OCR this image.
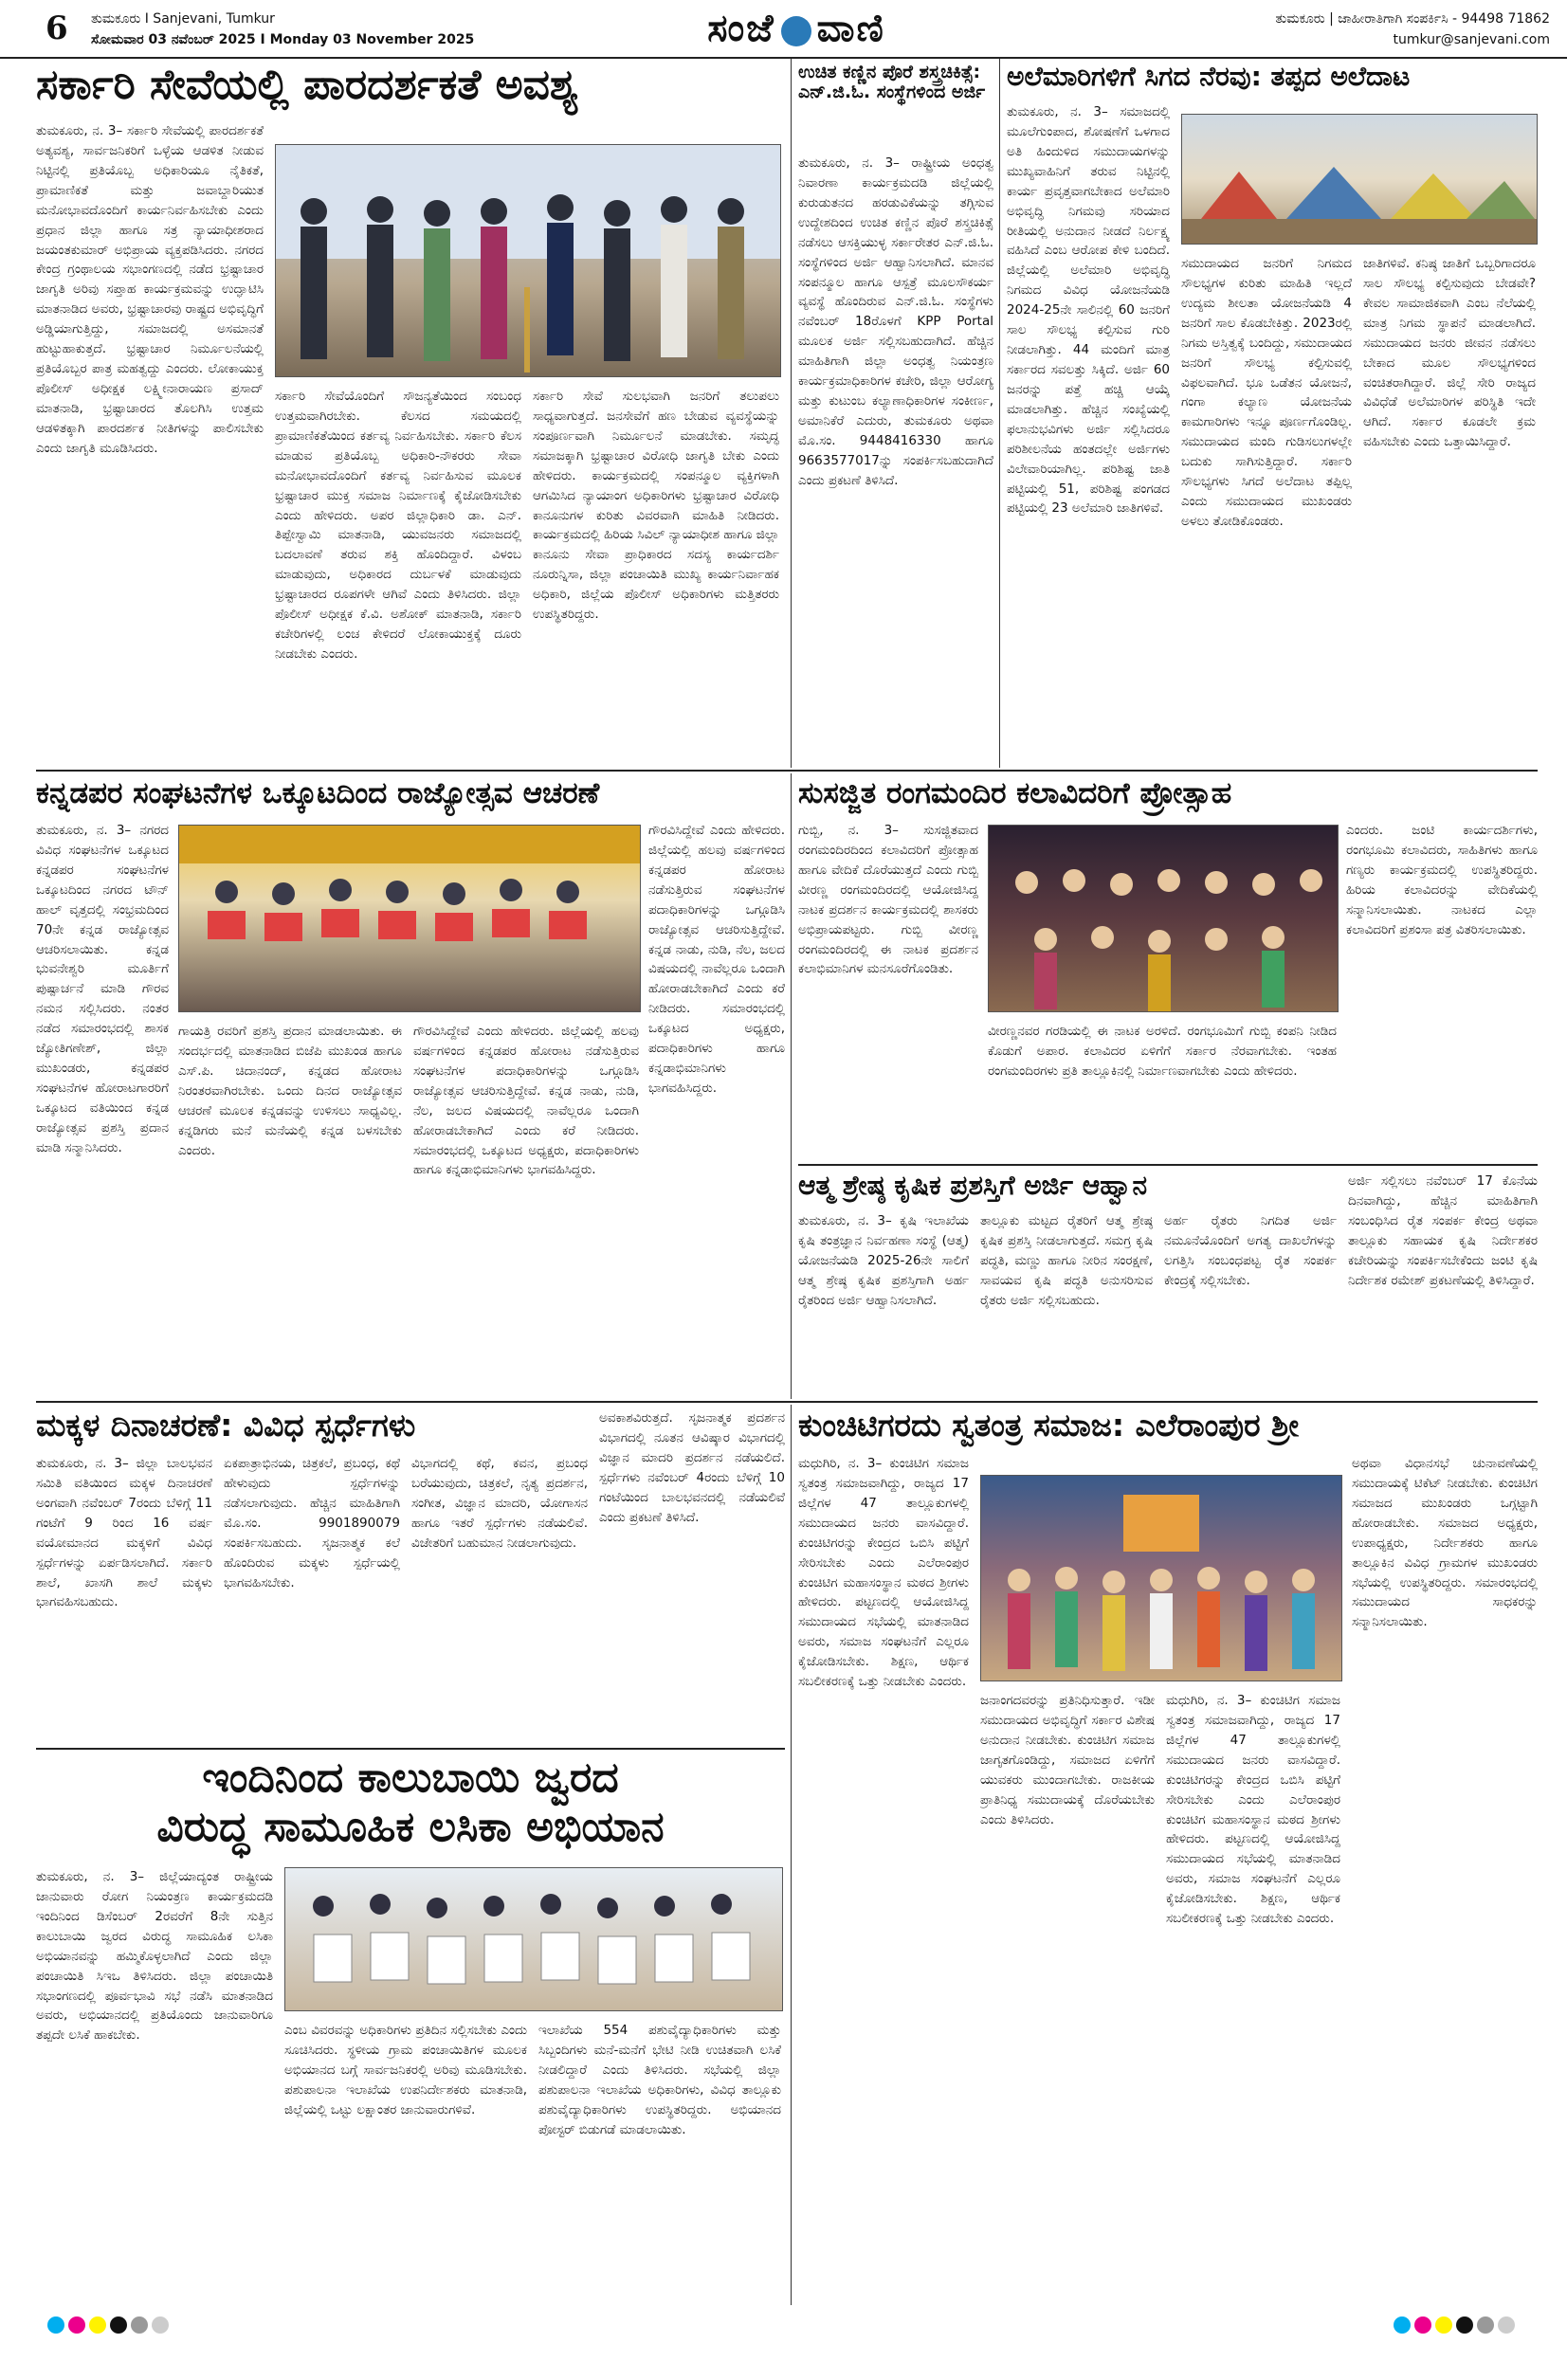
6 ತುಮಕೂರು I Sanjevani, Tumkur
ಸೋಮವಾರ 03 ನವೆಂಬರ್ 2025 I Monday 03 November 2025	ಸಂಜೆ ವಾಣಿ	ತುಮಕೂರು | ಜಾಹೀರಾತಿಗಾಗಿ ಸಂಪರ್ಕಿಸಿ - 94498 71862
tumkur@sanjevani.com
ಸರ್ಕಾರಿ ಸೇವೆಯಲ್ಲಿ ಪಾರದರ್ಶಕತೆ ಅವಶ್ಯ
ತುಮಕೂರು, ನ. 3– ಸರ್ಕಾರಿ ಸೇವೆಯಲ್ಲಿ ಪಾರದರ್ಶಕತೆ ಅತ್ಯವಶ್ಯ, ಸಾರ್ವಜನಿಕರಿಗೆ ಒಳ್ಳೆಯ ಆಡಳಿತ ನೀಡುವ ನಿಟ್ಟಿನಲ್ಲಿ ಪ್ರತಿಯೊಬ್ಬ ಅಧಿಕಾರಿಯೂ ನೈತಿಕತೆ, ಪ್ರಾಮಾಣಿಕತೆ ಮತ್ತು ಜವಾಬ್ದಾರಿಯುತ ಮನೋಭಾವದೊಂದಿಗೆ ಕಾರ್ಯನಿರ್ವಹಿಸಬೇಕು ಎಂದು ಪ್ರಧಾನ ಜಿಲ್ಲಾ ಹಾಗೂ ಸತ್ರ ನ್ಯಾಯಾಧೀಶರಾದ ಜಯಂತಕುಮಾರ್ ಅಭಿಪ್ರಾಯ ವ್ಯಕ್ತಪಡಿಸಿದರು. ನಗರದ ಕೇಂದ್ರ ಗ್ರಂಥಾಲಯ ಸಭಾಂಗಣದಲ್ಲಿ ನಡೆದ ಭ್ರಷ್ಟಾಚಾರ ಜಾಗೃತಿ ಅರಿವು ಸಪ್ತಾಹ ಕಾರ್ಯಕ್ರಮವನ್ನು ಉದ್ಘಾಟಿಸಿ ಮಾತನಾಡಿದ ಅವರು, ಭ್ರಷ್ಟಾಚಾರವು ರಾಷ್ಟ್ರದ ಅಭಿವೃದ್ಧಿಗೆ ಅಡ್ಡಿಯಾಗುತ್ತಿದ್ದು, ಸಮಾಜದಲ್ಲಿ ಅಸಮಾನತೆ ಹುಟ್ಟುಹಾಕುತ್ತದೆ. ಭ್ರಷ್ಟಾಚಾರ ನಿರ್ಮೂಲನೆಯಲ್ಲಿ ಪ್ರತಿಯೊಬ್ಬರ ಪಾತ್ರ ಮಹತ್ವದ್ದು ಎಂದರು. ಲೋಕಾಯುಕ್ತ ಪೊಲೀಸ್ ಅಧೀಕ್ಷಕ ಲಕ್ಷ್ಮೀನಾರಾಯಣ ಪ್ರಸಾದ್ ಮಾತನಾಡಿ, ಭ್ರಷ್ಟಾಚಾರದ ತೊಲಗಿಸಿ ಉತ್ತಮ ಆಡಳಿತಕ್ಕಾಗಿ ಪಾರದರ್ಶಕ ನೀತಿಗಳನ್ನು ಪಾಲಿಸಬೇಕು ಎಂದು ಜಾಗೃತಿ ಮೂಡಿಸಿದರು.
ಸರ್ಕಾರಿ ಸೇವೆಯೊಂದಿಗೆ ಸೌಜನ್ಯತೆಯಿಂದ ಸಂಬಂಧ ಉತ್ತಮವಾಗಿರಬೇಕು. ಕೆಲಸದ ಸಮಯದಲ್ಲಿ ಪ್ರಾಮಾಣಿಕತೆಯಿಂದ ಕರ್ತವ್ಯ ನಿರ್ವಹಿಸಬೇಕು. ಸರ್ಕಾರಿ ಕೆಲಸ ಮಾಡುವ ಪ್ರತಿಯೊಬ್ಬ ಅಧಿಕಾರಿ-ನೌಕರರು ಸೇವಾ ಮನೋಭಾವದೊಂದಿಗೆ ಕರ್ತವ್ಯ ನಿರ್ವಹಿಸುವ ಮೂಲಕ ಭ್ರಷ್ಟಾಚಾರ ಮುಕ್ತ ಸಮಾಜ ನಿರ್ಮಾಣಕ್ಕೆ ಕೈಜೋಡಿಸಬೇಕು ಎಂದು ಹೇಳಿದರು. ಅಪರ ಜಿಲ್ಲಾಧಿಕಾರಿ ಡಾ. ಎನ್. ತಿಪ್ಪೇಸ್ವಾಮಿ ಮಾತನಾಡಿ, ಯುವಜನರು ಸಮಾಜದಲ್ಲಿ ಬದಲಾವಣೆ ತರುವ ಶಕ್ತಿ ಹೊಂದಿದ್ದಾರೆ. ವಿಳಂಬ ಮಾಡುವುದು, ಅಧಿಕಾರದ ದುರ್ಬಳಕೆ ಮಾಡುವುದು ಭ್ರಷ್ಟಾಚಾರದ ರೂಪಗಳೇ ಆಗಿವೆ ಎಂದು ತಿಳಿಸಿದರು. ಜಿಲ್ಲಾ ಪೊಲೀಸ್ ಅಧೀಕ್ಷಕ ಕೆ.ವಿ. ಅಶೋಕ್ ಮಾತನಾಡಿ, ಸರ್ಕಾರಿ ಕಚೇರಿಗಳಲ್ಲಿ ಲಂಚ ಕೇಳಿದರೆ ಲೋಕಾಯುಕ್ತಕ್ಕೆ ದೂರು ನೀಡಬೇಕು ಎಂದರು.
ಸರ್ಕಾರಿ ಸೇವೆ ಸುಲಭವಾಗಿ ಜನರಿಗೆ ತಲುಪಲು ಸಾಧ್ಯವಾಗುತ್ತದೆ. ಜನಸೇವೆಗೆ ಹಣ ಬೇಡುವ ವ್ಯವಸ್ಥೆಯನ್ನು ಸಂಪೂರ್ಣವಾಗಿ ನಿರ್ಮೂಲನೆ ಮಾಡಬೇಕು. ಸಮೃದ್ಧ ಸಮಾಜಕ್ಕಾಗಿ ಭ್ರಷ್ಟಾಚಾರ ವಿರೋಧಿ ಜಾಗೃತಿ ಬೇಕು ಎಂದು ಹೇಳಿದರು. ಕಾರ್ಯಕ್ರಮದಲ್ಲಿ ಸಂಪನ್ಮೂಲ ವ್ಯಕ್ತಿಗಳಾಗಿ ಆಗಮಿಸಿದ ನ್ಯಾಯಾಂಗ ಅಧಿಕಾರಿಗಳು ಭ್ರಷ್ಟಾಚಾರ ವಿರೋಧಿ ಕಾನೂನುಗಳ ಕುರಿತು ವಿವರವಾಗಿ ಮಾಹಿತಿ ನೀಡಿದರು. ಕಾರ್ಯಕ್ರಮದಲ್ಲಿ ಹಿರಿಯ ಸಿವಿಲ್ ನ್ಯಾಯಾಧೀಶ ಹಾಗೂ ಜಿಲ್ಲಾ ಕಾನೂನು ಸೇವಾ ಪ್ರಾಧಿಕಾರದ ಸದಸ್ಯ ಕಾರ್ಯದರ್ಶಿ ನೂರುನ್ನಿಸಾ, ಜಿಲ್ಲಾ ಪಂಚಾಯಿತಿ ಮುಖ್ಯ ಕಾರ್ಯನಿರ್ವಾಹಕ ಅಧಿಕಾರಿ, ಜಿಲ್ಲೆಯ ಪೊಲೀಸ್ ಅಧಿಕಾರಿಗಳು ಮತ್ತಿತರರು ಉಪಸ್ಥಿತರಿದ್ದರು.
ಉಚಿತ ಕಣ್ಣಿನ ಪೊರೆ ಶಸ್ತ್ರಚಿಕಿತ್ಸೆ: ಎನ್.ಜಿ.ಓ. ಸಂಸ್ಥೆಗಳಿಂದ ಅರ್ಜಿ
ತುಮಕೂರು, ನ. 3– ರಾಷ್ಟ್ರೀಯ ಅಂಧತ್ವ ನಿವಾರಣಾ ಕಾರ್ಯಕ್ರಮದಡಿ ಜಿಲ್ಲೆಯಲ್ಲಿ ಕುರುಡುತನದ ಹರಡುವಿಕೆಯನ್ನು ತಗ್ಗಿಸುವ ಉದ್ದೇಶದಿಂದ ಉಚಿತ ಕಣ್ಣಿನ ಪೊರೆ ಶಸ್ತ್ರಚಿಕಿತ್ಸೆ ನಡೆಸಲು ಆಸಕ್ತಿಯುಳ್ಳ ಸರ್ಕಾರೇತರ ಎನ್.ಜಿ.ಓ. ಸಂಸ್ಥೆಗಳಿಂದ ಅರ್ಜಿ ಆಹ್ವಾನಿಸಲಾಗಿದೆ. ಮಾನವ ಸಂಪನ್ಮೂಲ ಹಾಗೂ ಆಸ್ಪತ್ರೆ ಮೂಲಸೌಕರ್ಯ ವ್ಯವಸ್ಥೆ ಹೊಂದಿರುವ ಎನ್.ಜಿ.ಓ. ಸಂಸ್ಥೆಗಳು ನವೆಂಬರ್ 18ರೊಳಗೆ KPP Portal ಮೂಲಕ ಅರ್ಜಿ ಸಲ್ಲಿಸಬಹುದಾಗಿದೆ. ಹೆಚ್ಚಿನ ಮಾಹಿತಿಗಾಗಿ ಜಿಲ್ಲಾ ಅಂಧತ್ವ ನಿಯಂತ್ರಣ ಕಾರ್ಯಕ್ರಮಾಧಿಕಾರಿಗಳ ಕಚೇರಿ, ಜಿಲ್ಲಾ ಆರೋಗ್ಯ ಮತ್ತು ಕುಟುಂಬ ಕಲ್ಯಾಣಾಧಿಕಾರಿಗಳ ಸಂಕೀರ್ಣ, ಅಮಾನಿಕೆರೆ ಎದುರು, ತುಮಕೂರು ಅಥವಾ ಮೊ.ಸಂ. 9448416330 ಹಾಗೂ 9663577017ನ್ನು ಸಂಪರ್ಕಿಸಬಹುದಾಗಿದೆ ಎಂದು ಪ್ರಕಟಣೆ ತಿಳಿಸಿದೆ.
ಅಲೆಮಾರಿಗಳಿಗೆ ಸಿಗದ ನೆರವು: ತಪ್ಪದ ಅಲೆದಾಟ
ತುಮಕೂರು, ನ. 3– ಸಮಾಜದಲ್ಲಿ ಮೂಲೆಗುಂಪಾದ, ಶೋಷಣೆಗೆ ಒಳಗಾದ ಅತಿ ಹಿಂದುಳಿದ ಸಮುದಾಯಗಳನ್ನು ಮುಖ್ಯವಾಹಿನಿಗೆ ತರುವ ನಿಟ್ಟಿನಲ್ಲಿ ಕಾರ್ಯ ಪ್ರವೃತ್ತವಾಗಬೇಕಾದ ಅಲೆಮಾರಿ ಅಭಿವೃದ್ಧಿ ನಿಗಮವು ಸರಿಯಾದ ರೀತಿಯಲ್ಲಿ ಅನುದಾನ ನೀಡದೆ ನಿರ್ಲಕ್ಷ್ಯ ವಹಿಸಿದೆ ಎಂಬ ಆರೋಪ ಕೇಳಿ ಬಂದಿದೆ. ಜಿಲ್ಲೆಯಲ್ಲಿ ಅಲೆಮಾರಿ ಅಭಿವೃದ್ಧಿ ನಿಗಮದ ವಿವಿಧ ಯೋಜನೆಯಡಿ 2024-25ನೇ ಸಾಲಿನಲ್ಲಿ 60 ಜನರಿಗೆ ಸಾಲ ಸೌಲಭ್ಯ ಕಲ್ಪಿಸುವ ಗುರಿ ನೀಡಲಾಗಿತ್ತು. 44 ಮಂದಿಗೆ ಮಾತ್ರ ಸರ್ಕಾರದ ಸವಲತ್ತು ಸಿಕ್ಕಿದೆ. ಅರ್ಜಿ 60 ಜನರನ್ನು ಪತ್ತೆ ಹಚ್ಚಿ ಆಯ್ಕೆ ಮಾಡಲಾಗಿತ್ತು. ಹೆಚ್ಚಿನ ಸಂಖ್ಯೆಯಲ್ಲಿ ಫಲಾನುಭವಿಗಳು ಅರ್ಜಿ ಸಲ್ಲಿಸಿದರೂ ಪರಿಶೀಲನೆಯ ಹಂತದಲ್ಲೇ ಅರ್ಜಿಗಳು ವಿಲೇವಾರಿಯಾಗಿಲ್ಲ. ಪರಿಶಿಷ್ಟ ಜಾತಿ ಪಟ್ಟಿಯಲ್ಲಿ 51, ಪರಿಶಿಷ್ಟ ಪಂಗಡದ ಪಟ್ಟಿಯಲ್ಲಿ 23 ಅಲೆಮಾರಿ ಜಾತಿಗಳಿವೆ.
ಸಮುದಾಯದ ಜನರಿಗೆ ನಿಗಮದ ಸೌಲಭ್ಯಗಳ ಕುರಿತು ಮಾಹಿತಿ ಇಲ್ಲದೆ ಉದ್ಯಮ ಶೀಲತಾ ಯೋಜನೆಯಡಿ 4 ಜನರಿಗೆ ಸಾಲ ಕೊಡಬೇಕಿತ್ತು. 2023ರಲ್ಲಿ ನಿಗಮ ಅಸ್ತಿತ್ವಕ್ಕೆ ಬಂದಿದ್ದು, ಸಮುದಾಯದ ಜನರಿಗೆ ಸೌಲಭ್ಯ ಕಲ್ಪಿಸುವಲ್ಲಿ ವಿಫಲವಾಗಿದೆ. ಭೂ ಒಡೆತನ ಯೋಜನೆ, ಗಂಗಾ ಕಲ್ಯಾಣ ಯೋಜನೆಯ ಕಾಮಗಾರಿಗಳು ಇನ್ನೂ ಪೂರ್ಣಗೊಂಡಿಲ್ಲ. ಸಮುದಾಯದ ಮಂದಿ ಗುಡಿಸಲುಗಳಲ್ಲೇ ಬದುಕು ಸಾಗಿಸುತ್ತಿದ್ದಾರೆ. ಸರ್ಕಾರಿ ಸೌಲಭ್ಯಗಳು ಸಿಗದೆ ಅಲೆದಾಟ ತಪ್ಪಿಲ್ಲ ಎಂದು ಸಮುದಾಯದ ಮುಖಂಡರು ಅಳಲು ತೋಡಿಕೊಂಡರು.
ಜಾತಿಗಳಿವೆ. ಕನಿಷ್ಠ ಜಾತಿಗೆ ಒಬ್ಬರಿಗಾದರೂ ಸಾಲ ಸೌಲಭ್ಯ ಕಲ್ಪಿಸುವುದು ಬೇಡವೇ? ಕೇವಲ ಸಾಮಾಜಿಕವಾಗಿ ಎಂಬ ನೆಲೆಯಲ್ಲಿ ಮಾತ್ರ ನಿಗಮ ಸ್ಥಾಪನೆ ಮಾಡಲಾಗಿದೆ. ಸಮುದಾಯದ ಜನರು ಜೀವನ ನಡೆಸಲು ಬೇಕಾದ ಮೂಲ ಸೌಲಭ್ಯಗಳಿಂದ ವಂಚಿತರಾಗಿದ್ದಾರೆ. ಜಿಲ್ಲೆ ಸೇರಿ ರಾಜ್ಯದ ವಿವಿಧೆಡೆ ಅಲೆಮಾರಿಗಳ ಪರಿಸ್ಥಿತಿ ಇದೇ ಆಗಿದೆ. ಸರ್ಕಾರ ಕೂಡಲೇ ಕ್ರಮ ವಹಿಸಬೇಕು ಎಂದು ಒತ್ತಾಯಿಸಿದ್ದಾರೆ.
ಕನ್ನಡಪರ ಸಂಘಟನೆಗಳ ಒಕ್ಕೂಟದಿಂದ ರಾಜ್ಯೋತ್ಸವ ಆಚರಣೆ
ತುಮಕೂರು, ನ. 3– ನಗರದ ವಿವಿಧ ಸಂಘಟನೆಗಳ ಒಕ್ಕೂಟದ ಕನ್ನಡಪರ ಸಂಘಟನೆಗಳ ಒಕ್ಕೂಟದಿಂದ ನಗರದ ಟೌನ್ ಹಾಲ್ ವೃತ್ತದಲ್ಲಿ ಸಂಭ್ರಮದಿಂದ 70ನೇ ಕನ್ನಡ ರಾಜ್ಯೋತ್ಸವ ಆಚರಿಸಲಾಯಿತು. ಕನ್ನಡ ಭುವನೇಶ್ವರಿ ಮೂರ್ತಿಗೆ ಪುಷ್ಪಾರ್ಚನೆ ಮಾಡಿ ಗೌರವ ನಮನ ಸಲ್ಲಿಸಿದರು. ನಂತರ ನಡೆದ ಸಮಾರಂಭದಲ್ಲಿ ಶಾಸಕ ಜ್ಯೋತಿಗಣೇಶ್, ಜಿಲ್ಲಾ ಮುಖಂಡರು, ಕನ್ನಡಪರ ಸಂಘಟನೆಗಳ ಹೋರಾಟಗಾರರಿಗೆ ಒಕ್ಕೂಟದ ವತಿಯಿಂದ ಕನ್ನಡ ರಾಜ್ಯೋತ್ಸವ ಪ್ರಶಸ್ತಿ ಪ್ರದಾನ ಮಾಡಿ ಸನ್ಮಾನಿಸಿದರು.
ಗಾಯತ್ರಿ ರವರಿಗೆ ಪ್ರಶಸ್ತಿ ಪ್ರದಾನ ಮಾಡಲಾಯಿತು. ಈ ಸಂದರ್ಭದಲ್ಲಿ ಮಾತನಾಡಿದ ಬಿಜೆಪಿ ಮುಖಂಡ ಹಾಗೂ ಎಸ್.ಪಿ. ಚಿದಾನಂದ್, ಕನ್ನಡದ ಹೋರಾಟ ನಿರಂತರವಾಗಿರಬೇಕು. ಒಂದು ದಿನದ ರಾಜ್ಯೋತ್ಸವ ಆಚರಣೆ ಮೂಲಕ ಕನ್ನಡವನ್ನು ಉಳಿಸಲು ಸಾಧ್ಯವಿಲ್ಲ. ಕನ್ನಡಿಗರು ಮನೆ ಮನೆಯಲ್ಲಿ ಕನ್ನಡ ಬಳಸಬೇಕು ಎಂದರು.
ಗೌರವಿಸಿದ್ದೇವೆ ಎಂದು ಹೇಳಿದರು. ಜಿಲ್ಲೆಯಲ್ಲಿ ಹಲವು ವರ್ಷಗಳಿಂದ ಕನ್ನಡಪರ ಹೋರಾಟ ನಡೆಸುತ್ತಿರುವ ಸಂಘಟನೆಗಳ ಪದಾಧಿಕಾರಿಗಳನ್ನು ಒಗ್ಗೂಡಿಸಿ ರಾಜ್ಯೋತ್ಸವ ಆಚರಿಸುತ್ತಿದ್ದೇವೆ. ಕನ್ನಡ ನಾಡು, ನುಡಿ, ನೆಲ, ಜಲದ ವಿಷಯದಲ್ಲಿ ನಾವೆಲ್ಲರೂ ಒಂದಾಗಿ ಹೋರಾಡಬೇಕಾಗಿದೆ ಎಂದು ಕರೆ ನೀಡಿದರು. ಸಮಾರಂಭದಲ್ಲಿ ಒಕ್ಕೂಟದ ಅಧ್ಯಕ್ಷರು, ಪದಾಧಿಕಾರಿಗಳು ಹಾಗೂ ಕನ್ನಡಾಭಿಮಾನಿಗಳು ಭಾಗವಹಿಸಿದ್ದರು.
ಗೌರವಿಸಿದ್ದೇವೆ ಎಂದು ಹೇಳಿದರು. ಜಿಲ್ಲೆಯಲ್ಲಿ ಹಲವು ವರ್ಷಗಳಿಂದ ಕನ್ನಡಪರ ಹೋರಾಟ ನಡೆಸುತ್ತಿರುವ ಸಂಘಟನೆಗಳ ಪದಾಧಿಕಾರಿಗಳನ್ನು ಒಗ್ಗೂಡಿಸಿ ರಾಜ್ಯೋತ್ಸವ ಆಚರಿಸುತ್ತಿದ್ದೇವೆ. ಕನ್ನಡ ನಾಡು, ನುಡಿ, ನೆಲ, ಜಲದ ವಿಷಯದಲ್ಲಿ ನಾವೆಲ್ಲರೂ ಒಂದಾಗಿ ಹೋರಾಡಬೇಕಾಗಿದೆ ಎಂದು ಕರೆ ನೀಡಿದರು. ಸಮಾರಂಭದಲ್ಲಿ ಒಕ್ಕೂಟದ ಅಧ್ಯಕ್ಷರು, ಪದಾಧಿಕಾರಿಗಳು ಹಾಗೂ ಕನ್ನಡಾಭಿಮಾನಿಗಳು ಭಾಗವಹಿಸಿದ್ದರು.
ಸುಸಜ್ಜಿತ ರಂಗಮಂದಿರ ಕಲಾವಿದರಿಗೆ ಪ್ರೋತ್ಸಾಹ
ಗುಬ್ಬಿ, ನ. 3– ಸುಸಜ್ಜಿತವಾದ ರಂಗಮಂದಿರದಿಂದ ಕಲಾವಿದರಿಗೆ ಪ್ರೋತ್ಸಾಹ ಹಾಗೂ ವೇದಿಕೆ ದೊರೆಯುತ್ತದೆ ಎಂದು ಗುಬ್ಬಿ ವೀರಣ್ಣ ರಂಗಮಂದಿರದಲ್ಲಿ ಆಯೋಜಿಸಿದ್ದ ನಾಟಕ ಪ್ರದರ್ಶನ ಕಾರ್ಯಕ್ರಮದಲ್ಲಿ ಶಾಸಕರು ಅಭಿಪ್ರಾಯಪಟ್ಟರು. ಗುಬ್ಬಿ ವೀರಣ್ಣ ರಂಗಮಂದಿರದಲ್ಲಿ ಈ ನಾಟಕ ಪ್ರದರ್ಶನ ಕಲಾಭಿಮಾನಿಗಳ ಮನಸೂರೆಗೊಂಡಿತು.
ವೀರಣ್ಣನವರ ಗರಡಿಯಲ್ಲಿ ಈ ನಾಟಕ ಅರಳಿದೆ. ರಂಗಭೂಮಿಗೆ ಗುಬ್ಬಿ ಕಂಪನಿ ನೀಡಿದ ಕೊಡುಗೆ ಅಪಾರ. ಕಲಾವಿದರ ಏಳಿಗೆಗೆ ಸರ್ಕಾರ ನೆರವಾಗಬೇಕು. ಇಂತಹ ರಂಗಮಂದಿರಗಳು ಪ್ರತಿ ತಾಲ್ಲೂಕಿನಲ್ಲಿ ನಿರ್ಮಾಣವಾಗಬೇಕು ಎಂದು ಹೇಳಿದರು.
ಎಂದರು. ಜಂಟಿ ಕಾರ್ಯದರ್ಶಿಗಳು, ರಂಗಭೂಮಿ ಕಲಾವಿದರು, ಸಾಹಿತಿಗಳು ಹಾಗೂ ಗಣ್ಯರು ಕಾರ್ಯಕ್ರಮದಲ್ಲಿ ಉಪಸ್ಥಿತರಿದ್ದರು. ಹಿರಿಯ ಕಲಾವಿದರನ್ನು ವೇದಿಕೆಯಲ್ಲಿ ಸನ್ಮಾನಿಸಲಾಯಿತು. ನಾಟಕದ ಎಲ್ಲಾ ಕಲಾವಿದರಿಗೆ ಪ್ರಶಂಸಾ ಪತ್ರ ವಿತರಿಸಲಾಯಿತು.
ಆತ್ಮ ಶ್ರೇಷ್ಠ ಕೃಷಿಕ ಪ್ರಶಸ್ತಿಗೆ ಅರ್ಜಿ ಆಹ್ವಾನ
ತುಮಕೂರು, ನ. 3– ಕೃಷಿ ಇಲಾಖೆಯ ಕೃಷಿ ತಂತ್ರಜ್ಞಾನ ನಿರ್ವಹಣಾ ಸಂಸ್ಥೆ (ಆತ್ಮ) ಯೋಜನೆಯಡಿ 2025-26ನೇ ಸಾಲಿಗೆ ಆತ್ಮ ಶ್ರೇಷ್ಠ ಕೃಷಿಕ ಪ್ರಶಸ್ತಿಗಾಗಿ ಅರ್ಹ ರೈತರಿಂದ ಅರ್ಜಿ ಆಹ್ವಾನಿಸಲಾಗಿದೆ.
ತಾಲ್ಲೂಕು ಮಟ್ಟದ ರೈತರಿಗೆ ಆತ್ಮ ಶ್ರೇಷ್ಠ ಕೃಷಿಕ ಪ್ರಶಸ್ತಿ ನೀಡಲಾಗುತ್ತದೆ. ಸಮಗ್ರ ಕೃಷಿ ಪದ್ಧತಿ, ಮಣ್ಣು ಹಾಗೂ ನೀರಿನ ಸಂರಕ್ಷಣೆ, ಸಾವಯವ ಕೃಷಿ ಪದ್ಧತಿ ಅನುಸರಿಸುವ ರೈತರು ಅರ್ಜಿ ಸಲ್ಲಿಸಬಹುದು.
ಅರ್ಹ ರೈತರು ನಿಗದಿತ ಅರ್ಜಿ ನಮೂನೆಯೊಂದಿಗೆ ಅಗತ್ಯ ದಾಖಲೆಗಳನ್ನು ಲಗತ್ತಿಸಿ ಸಂಬಂಧಪಟ್ಟ ರೈತ ಸಂಪರ್ಕ ಕೇಂದ್ರಕ್ಕೆ ಸಲ್ಲಿಸಬೇಕು.
ಅರ್ಜಿ ಸಲ್ಲಿಸಲು ನವೆಂಬರ್ 17 ಕೊನೆಯ ದಿನವಾಗಿದ್ದು, ಹೆಚ್ಚಿನ ಮಾಹಿತಿಗಾಗಿ ಸಂಬಂಧಿಸಿದ ರೈತ ಸಂಪರ್ಕ ಕೇಂದ್ರ ಅಥವಾ ತಾಲ್ಲೂಕು ಸಹಾಯಕ ಕೃಷಿ ನಿರ್ದೇಶಕರ ಕಚೇರಿಯನ್ನು ಸಂಪರ್ಕಿಸಬೇಕೆಂದು ಜಂಟಿ ಕೃಷಿ ನಿರ್ದೇಶಕ ರಮೇಶ್ ಪ್ರಕಟಣೆಯಲ್ಲಿ ತಿಳಿಸಿದ್ದಾರೆ.
ಮಕ್ಕಳ ದಿನಾಚರಣೆ: ವಿವಿಧ ಸ್ಪರ್ಧೆಗಳು
ತುಮಕೂರು, ನ. 3– ಜಿಲ್ಲಾ ಬಾಲಭವನ ಸಮಿತಿ ವತಿಯಿಂದ ಮಕ್ಕಳ ದಿನಾಚರಣೆ ಅಂಗವಾಗಿ ನವೆಂಬರ್ 7ರಂದು ಬೆಳಿಗ್ಗೆ 11 ಗಂಟೆಗೆ 9 ರಿಂದ 16 ವರ್ಷ ವಯೋಮಾನದ ಮಕ್ಕಳಿಗೆ ವಿವಿಧ ಸ್ಪರ್ಧೆಗಳನ್ನು ಏರ್ಪಡಿಸಲಾಗಿದೆ. ಸರ್ಕಾರಿ ಶಾಲೆ, ಖಾಸಗಿ ಶಾಲೆ ಮಕ್ಕಳು ಭಾಗವಹಿಸಬಹುದು.
ಏಕಪಾತ್ರಾಭಿನಯ, ಚಿತ್ರಕಲೆ, ಪ್ರಬಂಧ, ಕಥೆ ಹೇಳುವುದು ಸ್ಪರ್ಧೆಗಳನ್ನು ನಡೆಸಲಾಗುವುದು. ಹೆಚ್ಚಿನ ಮಾಹಿತಿಗಾಗಿ ಮೊ.ಸಂ. 9901890079 ಸಂಪರ್ಕಿಸಬಹುದು. ಸೃಜನಾತ್ಮಕ ಕಲೆ ಹೊಂದಿರುವ ಮಕ್ಕಳು ಸ್ಪರ್ಧೆಯಲ್ಲಿ ಭಾಗವಹಿಸಬೇಕು.
ವಿಭಾಗದಲ್ಲಿ ಕಥೆ, ಕವನ, ಪ್ರಬಂಧ ಬರೆಯುವುದು, ಚಿತ್ರಕಲೆ, ನೃತ್ಯ ಪ್ರದರ್ಶನ, ಸಂಗೀತ, ವಿಜ್ಞಾನ ಮಾದರಿ, ಯೋಗಾಸನ ಹಾಗೂ ಇತರೆ ಸ್ಪರ್ಧೆಗಳು ನಡೆಯಲಿವೆ. ವಿಜೇತರಿಗೆ ಬಹುಮಾನ ನೀಡಲಾಗುವುದು.
ಅವಕಾಶವಿರುತ್ತದೆ. ಸೃಜನಾತ್ಮಕ ಪ್ರದರ್ಶನ ವಿಭಾಗದಲ್ಲಿ ನೂತನ ಆವಿಷ್ಕಾರ ವಿಭಾಗದಲ್ಲಿ ವಿಜ್ಞಾನ ಮಾದರಿ ಪ್ರದರ್ಶನ ನಡೆಯಲಿದೆ. ಸ್ಪರ್ಧೆಗಳು ನವೆಂಬರ್ 4ರಂದು ಬೆಳಿಗ್ಗೆ 10 ಗಂಟೆಯಿಂದ ಬಾಲಭವನದಲ್ಲಿ ನಡೆಯಲಿವೆ ಎಂದು ಪ್ರಕಟಣೆ ತಿಳಿಸಿದೆ.
ಇಂದಿನಿಂದ ಕಾಲುಬಾಯಿ ಜ್ವರದ
ವಿರುದ್ಧ ಸಾಮೂಹಿಕ ಲಸಿಕಾ ಅಭಿಯಾನ
ತುಮಕೂರು, ನ. 3– ಜಿಲ್ಲೆಯಾದ್ಯಂತ ರಾಷ್ಟ್ರೀಯ ಜಾನುವಾರು ರೋಗ ನಿಯಂತ್ರಣ ಕಾರ್ಯಕ್ರಮದಡಿ ಇಂದಿನಿಂದ ಡಿಸೆಂಬರ್ 2ರವರೆಗೆ 8ನೇ ಸುತ್ತಿನ ಕಾಲುಬಾಯಿ ಜ್ವರದ ವಿರುದ್ಧ ಸಾಮೂಹಿಕ ಲಸಿಕಾ ಅಭಿಯಾನವನ್ನು ಹಮ್ಮಿಕೊಳ್ಳಲಾಗಿದೆ ಎಂದು ಜಿಲ್ಲಾ ಪಂಚಾಯಿತಿ ಸಿಇಒ ತಿಳಿಸಿದರು. ಜಿಲ್ಲಾ ಪಂಚಾಯಿತಿ ಸಭಾಂಗಣದಲ್ಲಿ ಪೂರ್ವಭಾವಿ ಸಭೆ ನಡೆಸಿ ಮಾತನಾಡಿದ ಅವರು, ಅಭಿಯಾನದಲ್ಲಿ ಪ್ರತಿಯೊಂದು ಜಾನುವಾರಿಗೂ ತಪ್ಪದೇ ಲಸಿಕೆ ಹಾಕಬೇಕು.	ಎಂಬ ವಿವರವನ್ನು ಅಧಿಕಾರಿಗಳು ಪ್ರತಿದಿನ ಸಲ್ಲಿಸಬೇಕು ಎಂದು ಸೂಚಿಸಿದರು. ಸ್ಥಳೀಯ ಗ್ರಾಮ ಪಂಚಾಯಿತಿಗಳ ಮೂಲಕ ಅಭಿಯಾನದ ಬಗ್ಗೆ ಸಾರ್ವಜನಿಕರಲ್ಲಿ ಅರಿವು ಮೂಡಿಸಬೇಕು. ಪಶುಪಾಲನಾ ಇಲಾಖೆಯ ಉಪನಿರ್ದೇಶಕರು ಮಾತನಾಡಿ, ಜಿಲ್ಲೆಯಲ್ಲಿ ಒಟ್ಟು ಲಕ್ಷಾಂತರ ಜಾನುವಾರುಗಳಿವೆ.
ಇಲಾಖೆಯ 554 ಪಶುವೈದ್ಯಾಧಿಕಾರಿಗಳು ಮತ್ತು ಸಿಬ್ಬಂದಿಗಳು ಮನೆ-ಮನೆಗೆ ಭೇಟಿ ನೀಡಿ ಉಚಿತವಾಗಿ ಲಸಿಕೆ ನೀಡಲಿದ್ದಾರೆ ಎಂದು ತಿಳಿಸಿದರು. ಸಭೆಯಲ್ಲಿ ಜಿಲ್ಲಾ ಪಶುಪಾಲನಾ ಇಲಾಖೆಯ ಅಧಿಕಾರಿಗಳು, ವಿವಿಧ ತಾಲ್ಲೂಕು ಪಶುವೈದ್ಯಾಧಿಕಾರಿಗಳು ಉಪಸ್ಥಿತರಿದ್ದರು. ಅಭಿಯಾನದ ಪೋಸ್ಟರ್ ಬಿಡುಗಡೆ ಮಾಡಲಾಯಿತು.
ಕುಂಚಿಟಿಗರದು ಸ್ವತಂತ್ರ ಸಮಾಜ: ಎಲೆರಾಂಪುರ ಶ್ರೀ
ಮಧುಗಿರಿ, ನ. 3– ಕುಂಚಿಟಿಗ ಸಮಾಜ ಸ್ವತಂತ್ರ ಸಮಾಜವಾಗಿದ್ದು, ರಾಜ್ಯದ 17 ಜಿಲ್ಲೆಗಳ 47 ತಾಲ್ಲೂಕುಗಳಲ್ಲಿ ಸಮುದಾಯದ ಜನರು ವಾಸವಿದ್ದಾರೆ. ಕುಂಚಿಟಿಗರನ್ನು ಕೇಂದ್ರದ ಒಬಿಸಿ ಪಟ್ಟಿಗೆ ಸೇರಿಸಬೇಕು ಎಂದು ಎಲೆರಾಂಪುರ ಕುಂಚಿಟಿಗ ಮಹಾಸಂಸ್ಥಾನ ಮಠದ ಶ್ರೀಗಳು ಹೇಳಿದರು. ಪಟ್ಟಣದಲ್ಲಿ ಆಯೋಜಿಸಿದ್ದ ಸಮುದಾಯದ ಸಭೆಯಲ್ಲಿ ಮಾತನಾಡಿದ ಅವರು, ಸಮಾಜ ಸಂಘಟನೆಗೆ ಎಲ್ಲರೂ ಕೈಜೋಡಿಸಬೇಕು. ಶಿಕ್ಷಣ, ಆರ್ಥಿಕ ಸಬಲೀಕರಣಕ್ಕೆ ಒತ್ತು ನೀಡಬೇಕು ಎಂದರು.
ಜನಾಂಗದವರನ್ನು ಪ್ರತಿನಿಧಿಸುತ್ತಾರೆ. ಇಡೀ ಸಮುದಾಯದ ಅಭಿವೃದ್ಧಿಗೆ ಸರ್ಕಾರ ವಿಶೇಷ ಅನುದಾನ ನೀಡಬೇಕು. ಕುಂಚಿಟಿಗ ಸಮಾಜ ಜಾಗೃತಗೊಂಡಿದ್ದು, ಸಮಾಜದ ಏಳಿಗೆಗೆ ಯುವಕರು ಮುಂದಾಗಬೇಕು. ರಾಜಕೀಯ ಪ್ರಾತಿನಿಧ್ಯ ಸಮುದಾಯಕ್ಕೆ ದೊರೆಯಬೇಕು ಎಂದು ತಿಳಿಸಿದರು.
ಮಧುಗಿರಿ, ನ. 3– ಕುಂಚಿಟಿಗ ಸಮಾಜ ಸ್ವತಂತ್ರ ಸಮಾಜವಾಗಿದ್ದು, ರಾಜ್ಯದ 17 ಜಿಲ್ಲೆಗಳ 47 ತಾಲ್ಲೂಕುಗಳಲ್ಲಿ ಸಮುದಾಯದ ಜನರು ವಾಸವಿದ್ದಾರೆ. ಕುಂಚಿಟಿಗರನ್ನು ಕೇಂದ್ರದ ಒಬಿಸಿ ಪಟ್ಟಿಗೆ ಸೇರಿಸಬೇಕು ಎಂದು ಎಲೆರಾಂಪುರ ಕುಂಚಿಟಿಗ ಮಹಾಸಂಸ್ಥಾನ ಮಠದ ಶ್ರೀಗಳು ಹೇಳಿದರು. ಪಟ್ಟಣದಲ್ಲಿ ಆಯೋಜಿಸಿದ್ದ ಸಮುದಾಯದ ಸಭೆಯಲ್ಲಿ ಮಾತನಾಡಿದ ಅವರು, ಸಮಾಜ ಸಂಘಟನೆಗೆ ಎಲ್ಲರೂ ಕೈಜೋಡಿಸಬೇಕು. ಶಿಕ್ಷಣ, ಆರ್ಥಿಕ ಸಬಲೀಕರಣಕ್ಕೆ ಒತ್ತು ನೀಡಬೇಕು ಎಂದರು.
ಅಥವಾ ವಿಧಾನಸಭೆ ಚುನಾವಣೆಯಲ್ಲಿ ಸಮುದಾಯಕ್ಕೆ ಟಿಕೆಟ್ ನೀಡಬೇಕು. ಕುಂಚಿಟಿಗ ಸಮಾಜದ ಮುಖಂಡರು ಒಗ್ಗಟ್ಟಾಗಿ ಹೋರಾಡಬೇಕು. ಸಮಾಜದ ಅಧ್ಯಕ್ಷರು, ಉಪಾಧ್ಯಕ್ಷರು, ನಿರ್ದೇಶಕರು ಹಾಗೂ ತಾಲ್ಲೂಕಿನ ವಿವಿಧ ಗ್ರಾಮಗಳ ಮುಖಂಡರು ಸಭೆಯಲ್ಲಿ ಉಪಸ್ಥಿತರಿದ್ದರು. ಸಮಾರಂಭದಲ್ಲಿ ಸಮುದಾಯದ ಸಾಧಕರನ್ನು ಸನ್ಮಾನಿಸಲಾಯಿತು.
